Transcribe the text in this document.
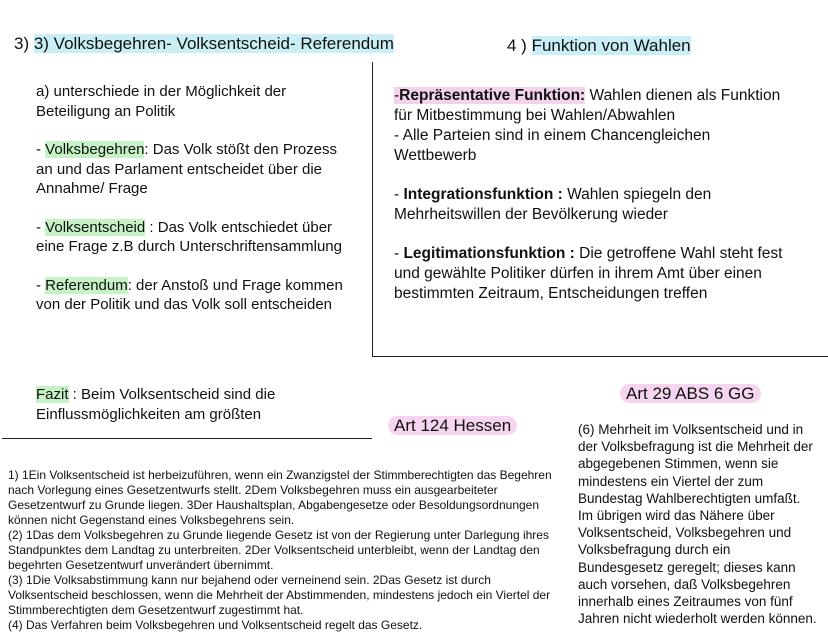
3) 3) Volksbegehren- Volksentscheid- Referendum

a) unterschiede in der Möglichkeit der Beteiligung an Politik

- Volksbegehren: Das Volk stößt den Prozess an und das Parlament entscheidet über die Annahme/ Frage

- Volksentscheid : Das Volk entschiedet über eine Frage z.B durch Unterschriftensammlung

- Referendum: der Anstoß und Frage kommen von der Politik und das Volk soll entscheiden

Fazit : Beim Volksentscheid sind die Einflussmöglichkeiten am größten
4 ) Funktion von Wahlen

-Repräsentative Funktion: Wahlen dienen als Funktion für Mitbestimmung bei Wahlen/Abwahlen
- Alle Parteien sind in einem Chancengleichen Wettbewerb

- Integrationsfunktion : Wahlen spiegeln den Mehrheitswillen der Bevölkerung wieder

- Legitimationsfunktion : Die getroffene Wahl steht fest und gewählte Politiker dürfen in ihrem Amt über einen bestimmten Zeitraum, Entscheidungen treffen

Art 29 ABS 6 GG
(6) Mehrheit im Volksentscheid und in der Volksbefragung ist die Mehrheit der abgegebenen Stimmen, wenn sie mindestens ein Viertel der zum Bundestag Wahlberechtigten umfaßt. Im übrigen wird das Nähere über Volksentscheid, Volksbegehren und Volksbefragung durch ein Bundesgesetz geregelt; dieses kann auch vorsehen, daß Volksbegehren innerhalb eines Zeitraumes von fünf Jahren nicht wiederholt werden können.
Art 124 Hessen

1) 1Ein Volksentscheid ist herbeizuführen, wenn ein Zwanzigstel der Stimmberechtigten das Begehren nach Vorlegung eines Gesetzentwurfs stellt. 2Dem Volksbegehren muss ein ausgearbeiteter Gesetzentwurf zu Grunde liegen. 3Der Haushaltsplan, Abgabengesetze oder Besoldungsordnungen können nicht Gegenstand eines Volksbegehrens sein.

(2) 1Das dem Volksbegehren zu Grunde liegende Gesetz ist von der Regierung unter Darlegung ihres Standpunktes dem Landtag zu unterbreiten. 2Der Volksentscheid unterbleibt, wenn der Landtag den begehrten Gesetzentwurf unverändert übernimmt.

(3) 1Die Volksabstimmung kann nur bejahend oder verneinend sein. 2Das Gesetz ist durch Volksentscheid beschlossen, wenn die Mehrheit der Abstimmenden, mindestens jedoch ein Viertel der Stimmberechtigten dem Gesetzentwurf zugestimmt hat.

(4) Das Verfahren beim Volksbegehren und Volksentscheid regelt das Gesetz.
